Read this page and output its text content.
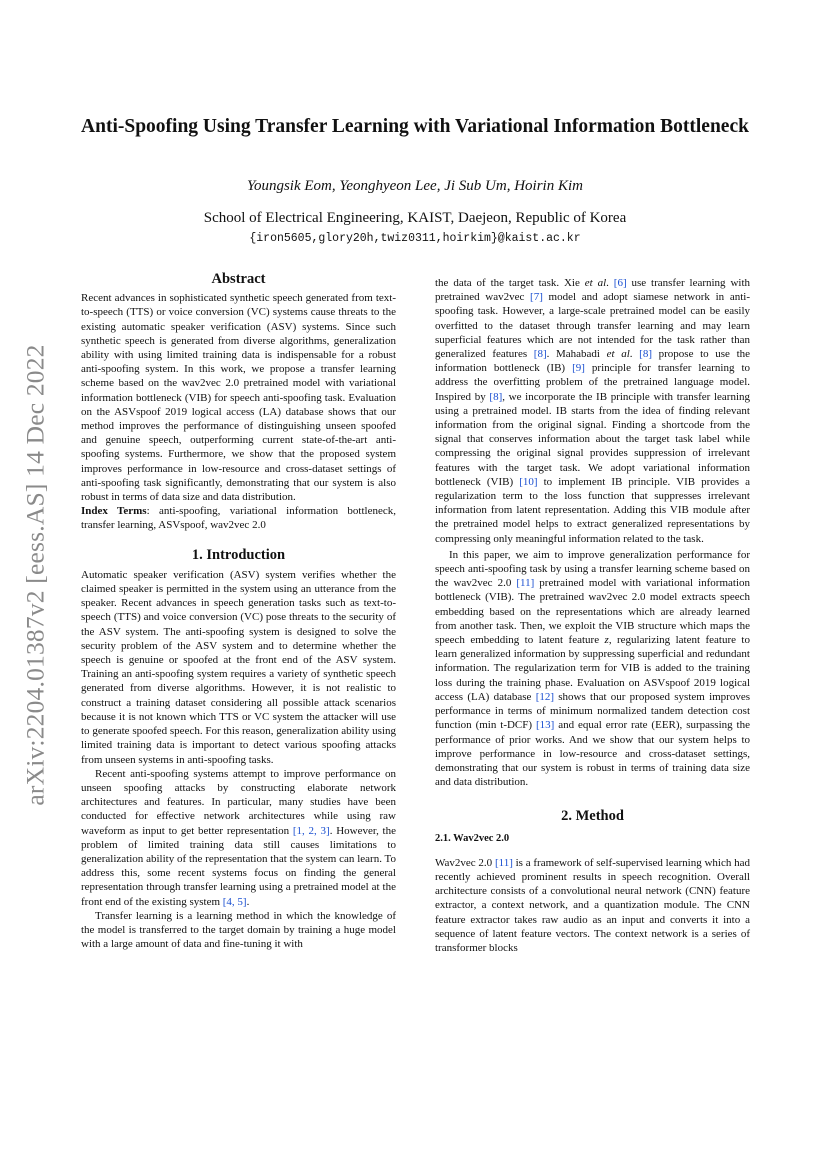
arXiv:2204.01387v2 [eess.AS] 14 Dec 2022
Anti-Spoofing Using Transfer Learning with Variational Information Bottleneck
Youngsik Eom, Yeonghyeon Lee, Ji Sub Um, Hoirin Kim
School of Electrical Engineering, KAIST, Daejeon, Republic of Korea
{iron5605,glory20h,twiz0311,hoirkim}@kaist.ac.kr

Abstract

Recent advances in sophisticated synthetic speech generated from text-to-speech (TTS) or voice conversion (VC) systems cause threats to the existing automatic speaker verification (ASV) systems. Since such synthetic speech is generated from diverse algorithms, generalization ability with using limited training data is indispensable for a robust anti-spoofing system. In this work, we propose a transfer learning scheme based on the wav2vec 2.0 pretrained model with variational information bottleneck (VIB) for speech anti-spoofing task. Evaluation on the ASVspoof 2019 logical access (LA) database shows that our method improves the performance of distinguishing unseen spoofed and genuine speech, outperforming current state-of-the-art anti-spoofing systems. Furthermore, we show that the proposed system improves performance in low-resource and cross-dataset settings of anti-spoofing task significantly, demonstrating that our system is also robust in terms of data size and data distribution.

Index Terms: anti-spoofing, variational information bottleneck, transfer learning, ASVspoof, wav2vec 2.0

1. Introduction

Automatic speaker verification (ASV) system verifies whether the claimed speaker is permitted in the system using an utterance from the speaker. Recent advances in speech generation tasks such as text-to-speech (TTS) and voice conversion (VC) pose threats to the security of the ASV system. The anti-spoofing system is designed to solve the security problem of the ASV system and to determine whether the speech is genuine or spoofed at the front end of the ASV system. Training an anti-spoofing system requires a variety of synthetic speech generated from diverse algorithms. However, it is not realistic to construct a training dataset considering all possible attack scenarios because it is not known which TTS or VC system the attacker will use to generate spoofed speech. For this reason, generalization ability using limited training data is important to detect various spoofing attacks from unseen systems in anti-spoofing tasks.

Recent anti-spoofing systems attempt to improve performance on unseen spoofing attacks by constructing elaborate network architectures and features. In particular, many studies have been conducted for effective network architectures while using raw waveform as input to get better representation [1, 2, 3]. However, the problem of limited training data still causes limitations to generalization ability of the representation that the system can learn. To address this, some recent systems focus on finding the general representation through transfer learning using a pretrained model at the front end of the existing system [4, 5].

Transfer learning is a learning method in which the knowledge of the model is transferred to the target domain by training a huge model with a large amount of data and fine-tuning it with

the data of the target task. Xie et al. [6] use transfer learning with pretrained wav2vec [7] model and adopt siamese network in anti-spoofing task. However, a large-scale pretrained model can be easily overfitted to the dataset through transfer learning and may learn superficial features which are not intended for the task rather than generalized features [8]. Mahabadi et al. [8] propose to use the information bottleneck (IB) [9] principle for transfer learning to address the overfitting problem of the pretrained language model. Inspired by [8], we incorporate the IB principle with transfer learning using a pretrained model. IB starts from the idea of finding relevant information from the original signal. Finding a shortcode from the signal that conserves information about the target task label while compressing the original signal provides suppression of irrelevant features with the target task. We adopt variational information bottleneck (VIB) [10] to implement IB principle. VIB provides a regularization term to the loss function that suppresses irrelevant information from latent representation. Adding this VIB module after the pretrained model helps to extract generalized representations by compressing only meaningful information related to the task.

In this paper, we aim to improve generalization performance for speech anti-spoofing task by using a transfer learning scheme based on the wav2vec 2.0 [11] pretrained model with variational information bottleneck (VIB). The pretrained wav2vec 2.0 model extracts speech embedding based on the representations which are already learned from another task. Then, we exploit the VIB structure which maps the speech embedding to latent feature z, regularizing latent feature to learn generalized information by suppressing superficial and redundant information. The regularization term for VIB is added to the training loss during the training phase. Evaluation on ASVspoof 2019 logical access (LA) database [12] shows that our proposed system improves performance in terms of minimum normalized tandem detection cost function (min t-DCF) [13] and equal error rate (EER), surpassing the performance of prior works. And we show that our system helps to improve performance in low-resource and cross-dataset settings, demonstrating that our system is robust in terms of training data size and data distribution.

2. Method

2.1. Wav2vec 2.0

Wav2vec 2.0 [11] is a framework of self-supervised learning which had recently achieved prominent results in speech recognition. Overall architecture consists of a convolutional neural network (CNN) feature extractor, a context network, and a quantization module. The CNN feature extractor takes raw audio as an input and converts it into a sequence of latent feature vectors. The context network is a series of transformer blocks
